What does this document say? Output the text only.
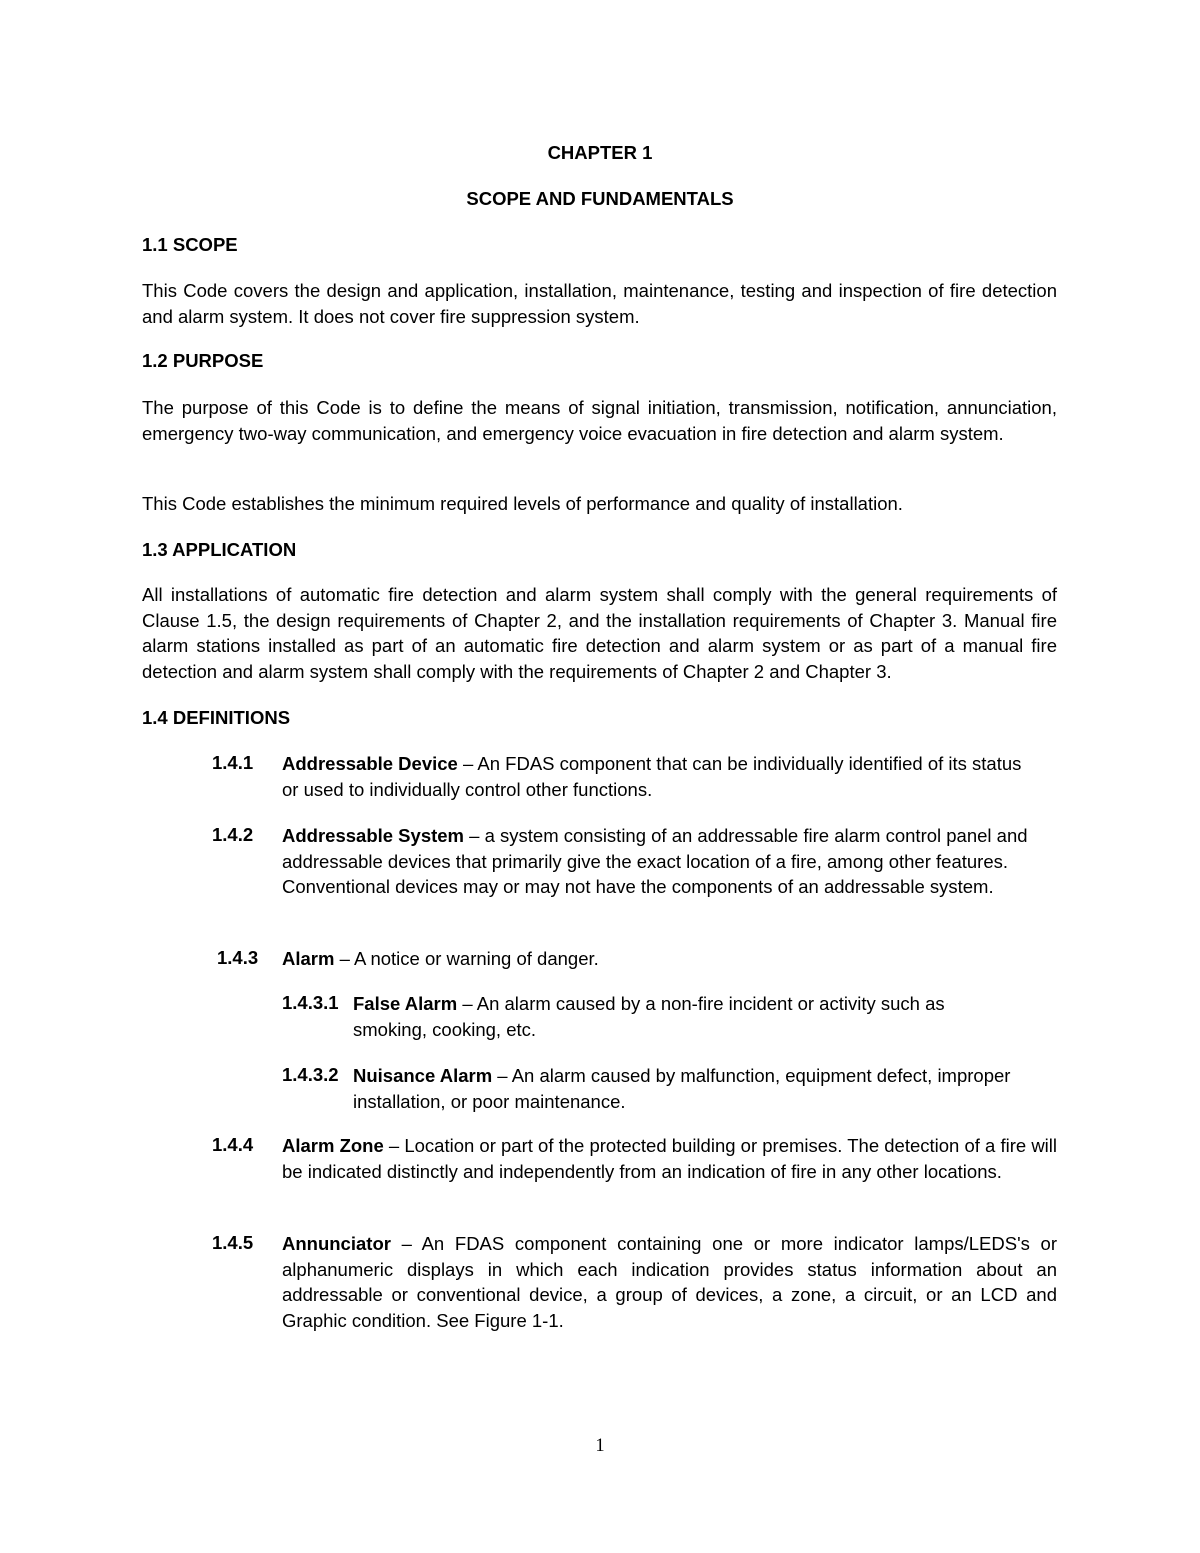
CHAPTER 1
SCOPE AND FUNDAMENTALS
1.1 SCOPE

This Code covers the design and application, installation, maintenance, testing and inspection of fire detection and alarm system. It does not cover fire suppression system.

1.2 PURPOSE

The purpose of this Code is to define the means of signal initiation, transmission, notification, annunciation, emergency two-way communication, and emergency voice evacuation in fire detection and alarm system.

This Code establishes the minimum required levels of performance and quality of installation.

1.3 APPLICATION

All installations of automatic fire detection and alarm system shall comply with the general requirements of Clause 1.5, the design requirements of Chapter 2, and the installation requirements of Chapter 3. Manual fire alarm stations installed as part of an automatic fire detection and alarm system or as part of a manual fire detection and alarm system shall comply with the requirements of Chapter 2 and Chapter 3.

1.4 DEFINITIONS
1.4.1 Addressable Device – An FDAS component that can be individually identified of its status or used to individually control other functions.

1.4.2 Addressable System – a system consisting of an addressable fire alarm control panel and addressable devices that primarily give the exact location of a fire, among other features. Conventional devices may or may not have the components of an addressable system.

1.4.3 Alarm – A notice or warning of danger.

1.4.3.1 False Alarm – An alarm caused by a non-fire incident or activity such as smoking, cooking, etc.

1.4.3.2 Nuisance Alarm – An alarm caused by malfunction, equipment defect, improper installation, or poor maintenance.

1.4.4 Alarm Zone – Location or part of the protected building or premises. The detection of a fire will be indicated distinctly and independently from an indication of fire in any other locations.

1.4.5 Annunciator – An FDAS component containing one or more indicator lamps/LEDS's or alphanumeric displays in which each indication provides status information about an addressable or conventional device, a group of devices, a zone, a circuit, or an LCD and Graphic condition. See Figure 1-1.

1
